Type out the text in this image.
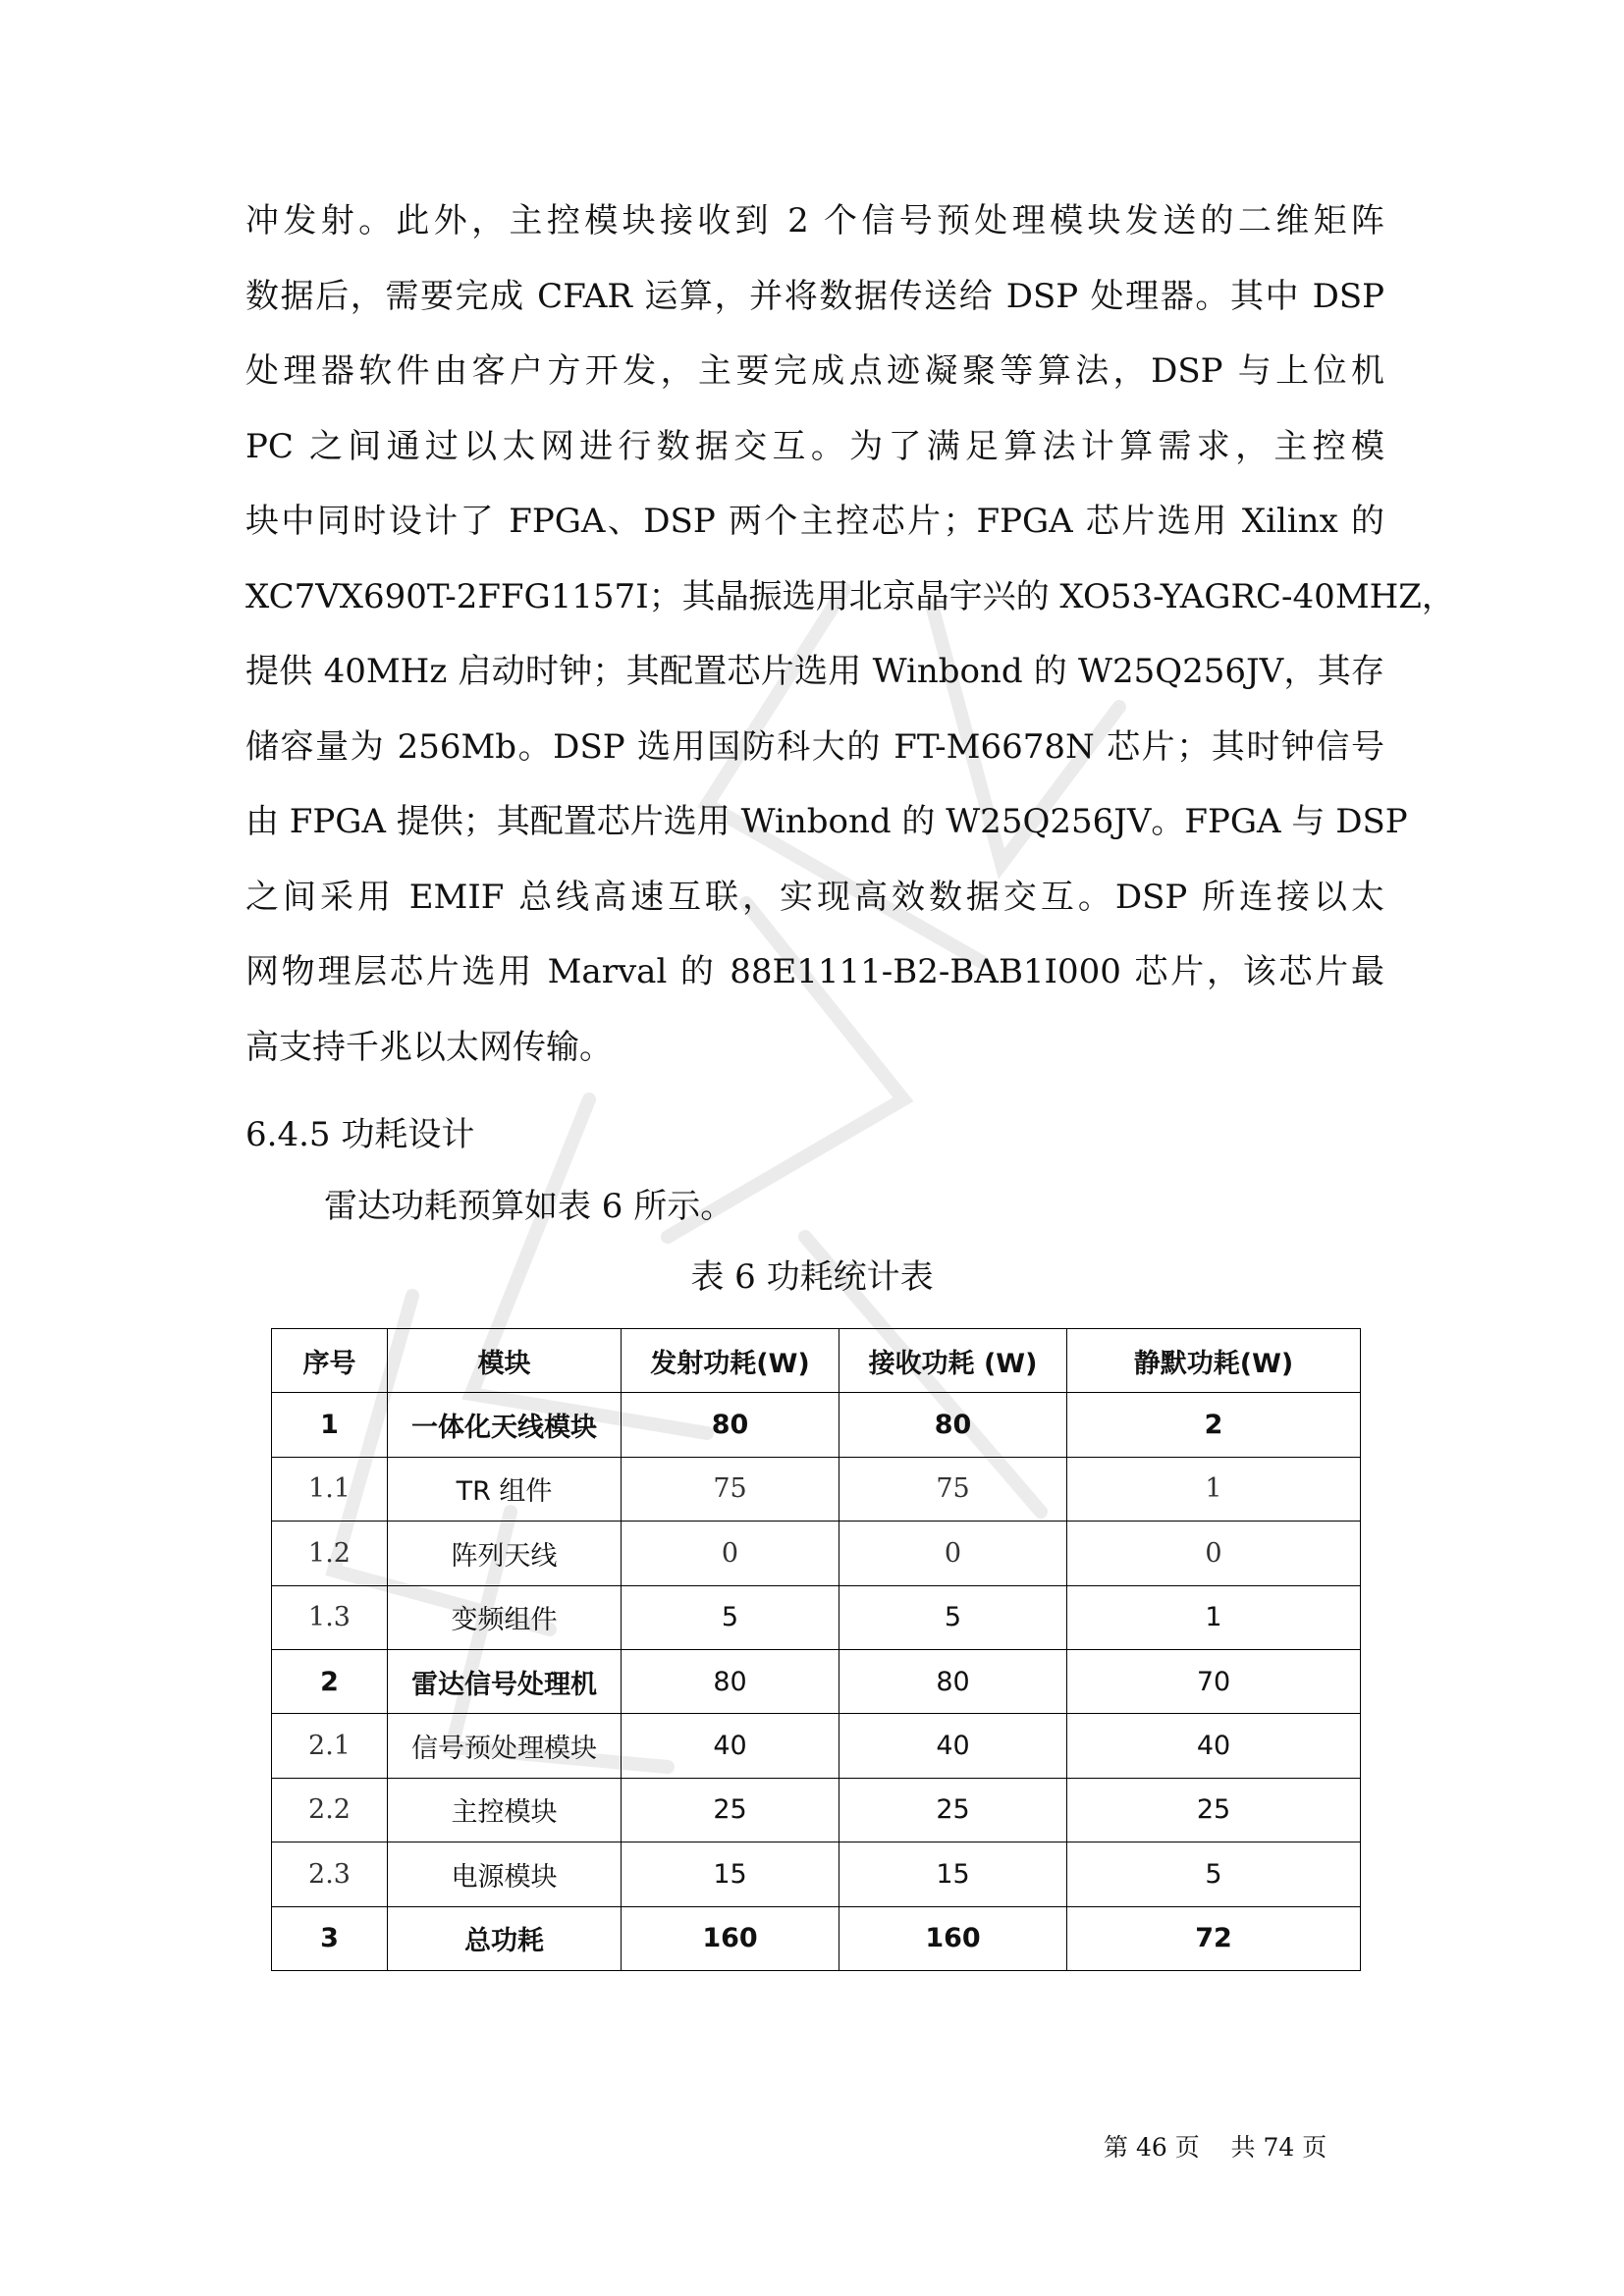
冲发射。此外，主控模块接收到 2 个信号预处理模块发送的二维矩阵
数据后，需要完成 CFAR 运算，并将数据传送给 DSP 处理器。其中 DSP
处理器软件由客户方开发，主要完成点迹凝聚等算法，DSP 与上位机
PC 之间通过以太网进行数据交互。为了满足算法计算需求，主控模
块中同时设计了 FPGA、DSP 两个主控芯片；FPGA 芯片选用 Xilinx 的
XC7VX690T-2FFG1157I；其晶振选用北京晶宇兴的 XO53-YAGRC-40MHZ，
提供 40MHz 启动时钟；其配置芯片选用 Winbond 的 W25Q256JV，其存
储容量为 256Mb。DSP 选用国防科大的 FT-M6678N 芯片；其时钟信号
由 FPGA 提供；其配置芯片选用 Winbond 的 W25Q256JV。FPGA 与 DSP
之间采用 EMIF 总线高速互联，实现高效数据交互。DSP 所连接以太
网物理层芯片选用 Marval 的 88E1111-B2-BAB1I000 芯片，该芯片最
高支持千兆以太网传输。

6.4.5 功耗设计

雷达功耗预算如表 6 所示。

表 6 功耗统计表

序号	模块	发射功耗(W)	接收功耗 (W)	静默功耗(W)
1	一体化天线模块	80	80	2
1.1	TR 组件	75	75	1
1.2	阵列天线	0	0	0
1.3	变频组件	5	5	1
2	雷达信号处理机	80	80	70
2.1	信号预处理模块	40	40	40
2.2	主控模块	25	25	25
2.3	电源模块	15	15	5
3	总功耗	160	160	72

第 46 页    共 74 页
